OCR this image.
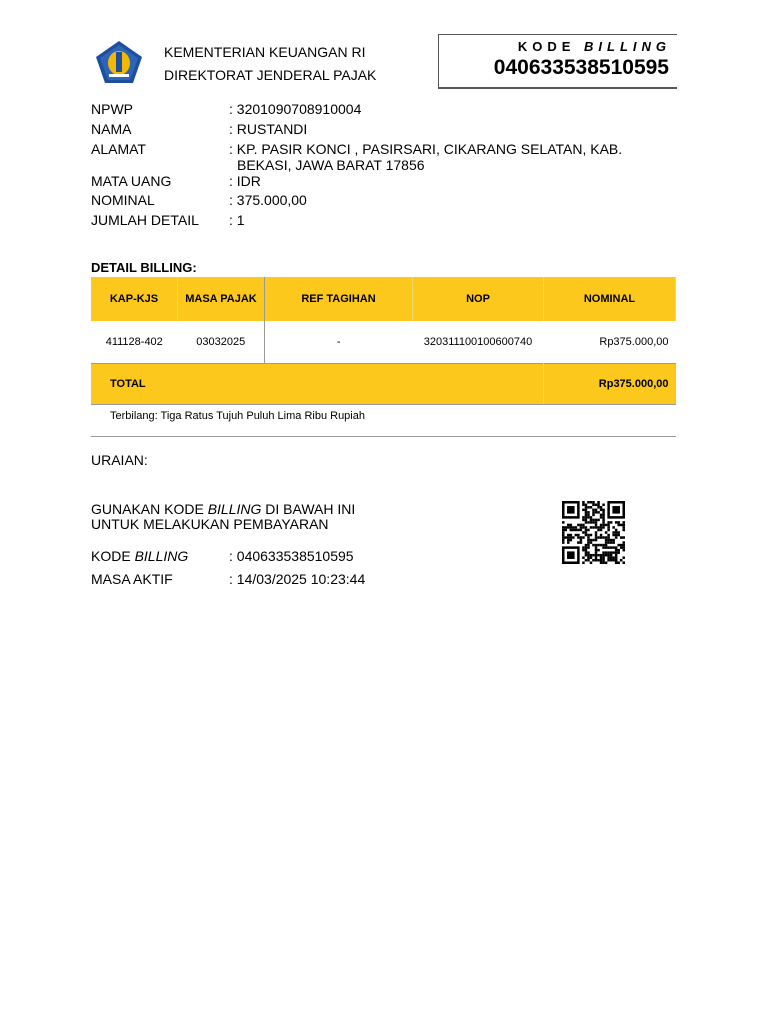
KEMENTERIAN KEUANGAN RI
DIREKTORAT JENDERAL PAJAK
KODE BILLING
040633538510595
NPWP	: 3201090708910004
NAMA	: RUSTANDI
ALAMAT	: KP. PASIR KONCI , PASIRSARI, CIKARANG SELATAN, KAB.
BEKASI, JAWA BARAT 17856
MATA UANG	: IDR
NOMINAL	: 375.000,00
JUMLAH DETAIL : 1
DETAIL BILLING:
KAP-KJS	MASA PAJAK	REF TAGIHAN	NOP	NOMINAL
411128-402	03032025	-	320311100100600740	Rp375.000,00
TOTAL				Rp375.000,00
Terbilang: Tiga Ratus Tujuh Puluh Lima Ribu Rupiah
URAIAN:
GUNAKAN KODE BILLING DI BAWAH INI
UNTUK MELAKUKAN PEMBAYARAN
KODE BILLING	: 040633538510595
MASA AKTIF	: 14/03/2025 10:23:44
